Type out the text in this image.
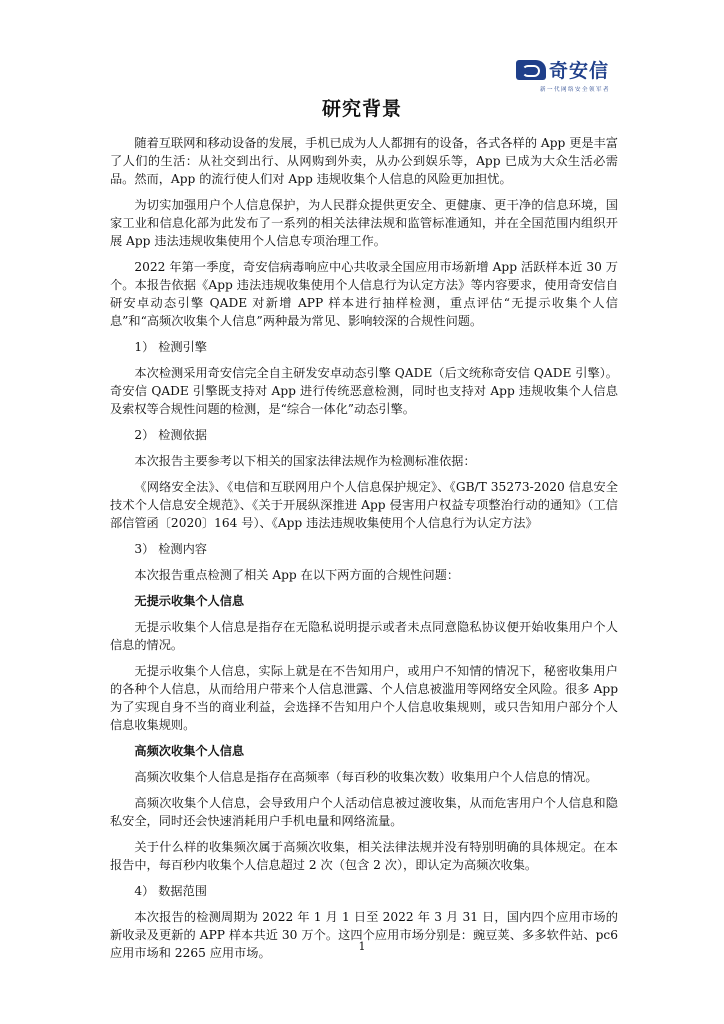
奇安信
新一代网络安全领军者
研究背景

随着互联网和移动设备的发展，手机已成为人人都拥有的设备，各式各样的 App 更是丰富了人们的生活：从社交到出行、从网购到外卖，从办公到娱乐等，App 已成为大众生活必需品。然而，App 的流行使人们对 App 违规收集个人信息的风险更加担忧。

为切实加强用户个人信息保护，为人民群众提供更安全、更健康、更干净的信息环境，国家工业和信息化部为此发布了一系列的相关法律法规和监管标准通知，并在全国范围内组织开展 App 违法违规收集使用个人信息专项治理工作。

2022 年第一季度，奇安信病毒响应中心共收录全国应用市场新增 App 活跃样本近 30 万个。本报告依据《App 违法违规收集使用个人信息行为认定方法》等内容要求，使用奇安信自研安卓动态引擎 QADE 对新增 APP 样本进行抽样检测，重点评估“无提示收集个人信息”和“高频次收集个人信息”两种最为常见、影响较深的合规性问题。

1） 检测引擎

本次检测采用奇安信完全自主研发安卓动态引擎 QADE（后文统称奇安信 QADE 引擎）。奇安信 QADE 引擎既支持对 App 进行传统恶意检测，同时也支持对 App 违规收集个人信息及索权等合规性问题的检测，是“综合一体化”动态引擎。

2） 检测依据

本次报告主要参考以下相关的国家法律法规作为检测标准依据：

《网络安全法》、《电信和互联网用户个人信息保护规定》、《GB/T 35273-2020 信息安全技术个人信息安全规范》、《关于开展纵深推进 App 侵害用户权益专项整治行动的通知》（工信部信管函〔2020〕164 号）、《App 违法违规收集使用个人信息行为认定方法》

3） 检测内容

本次报告重点检测了相关 App 在以下两方面的合规性问题：

无提示收集个人信息

无提示收集个人信息是指存在无隐私说明提示或者未点同意隐私协议便开始收集用户个人信息的情况。

无提示收集个人信息，实际上就是在不告知用户，或用户不知情的情况下，秘密收集用户的各种个人信息，从而给用户带来个人信息泄露、个人信息被滥用等网络安全风险。很多 App 为了实现自身不当的商业利益，会选择不告知用户个人信息收集规则，或只告知用户部分个人信息收集规则。

高频次收集个人信息

高频次收集个人信息是指存在高频率（每百秒的收集次数）收集用户个人信息的情况。

高频次收集个人信息，会导致用户个人活动信息被过渡收集，从而危害用户个人信息和隐私安全，同时还会快速消耗用户手机电量和网络流量。

关于什么样的收集频次属于高频次收集，相关法律法规并没有特别明确的具体规定。在本报告中，每百秒内收集个人信息超过 2 次（包含 2 次），即认定为高频次收集。

4） 数据范围

本次报告的检测周期为 2022 年 1 月 1 日至 2022 年 3 月 31 日，国内四个应用市场的新收录及更新的 APP 样本共近 30 万个。这四个应用市场分别是：豌豆荚、多多软件站、pc6 应用市场和 2265 应用市场。	1
